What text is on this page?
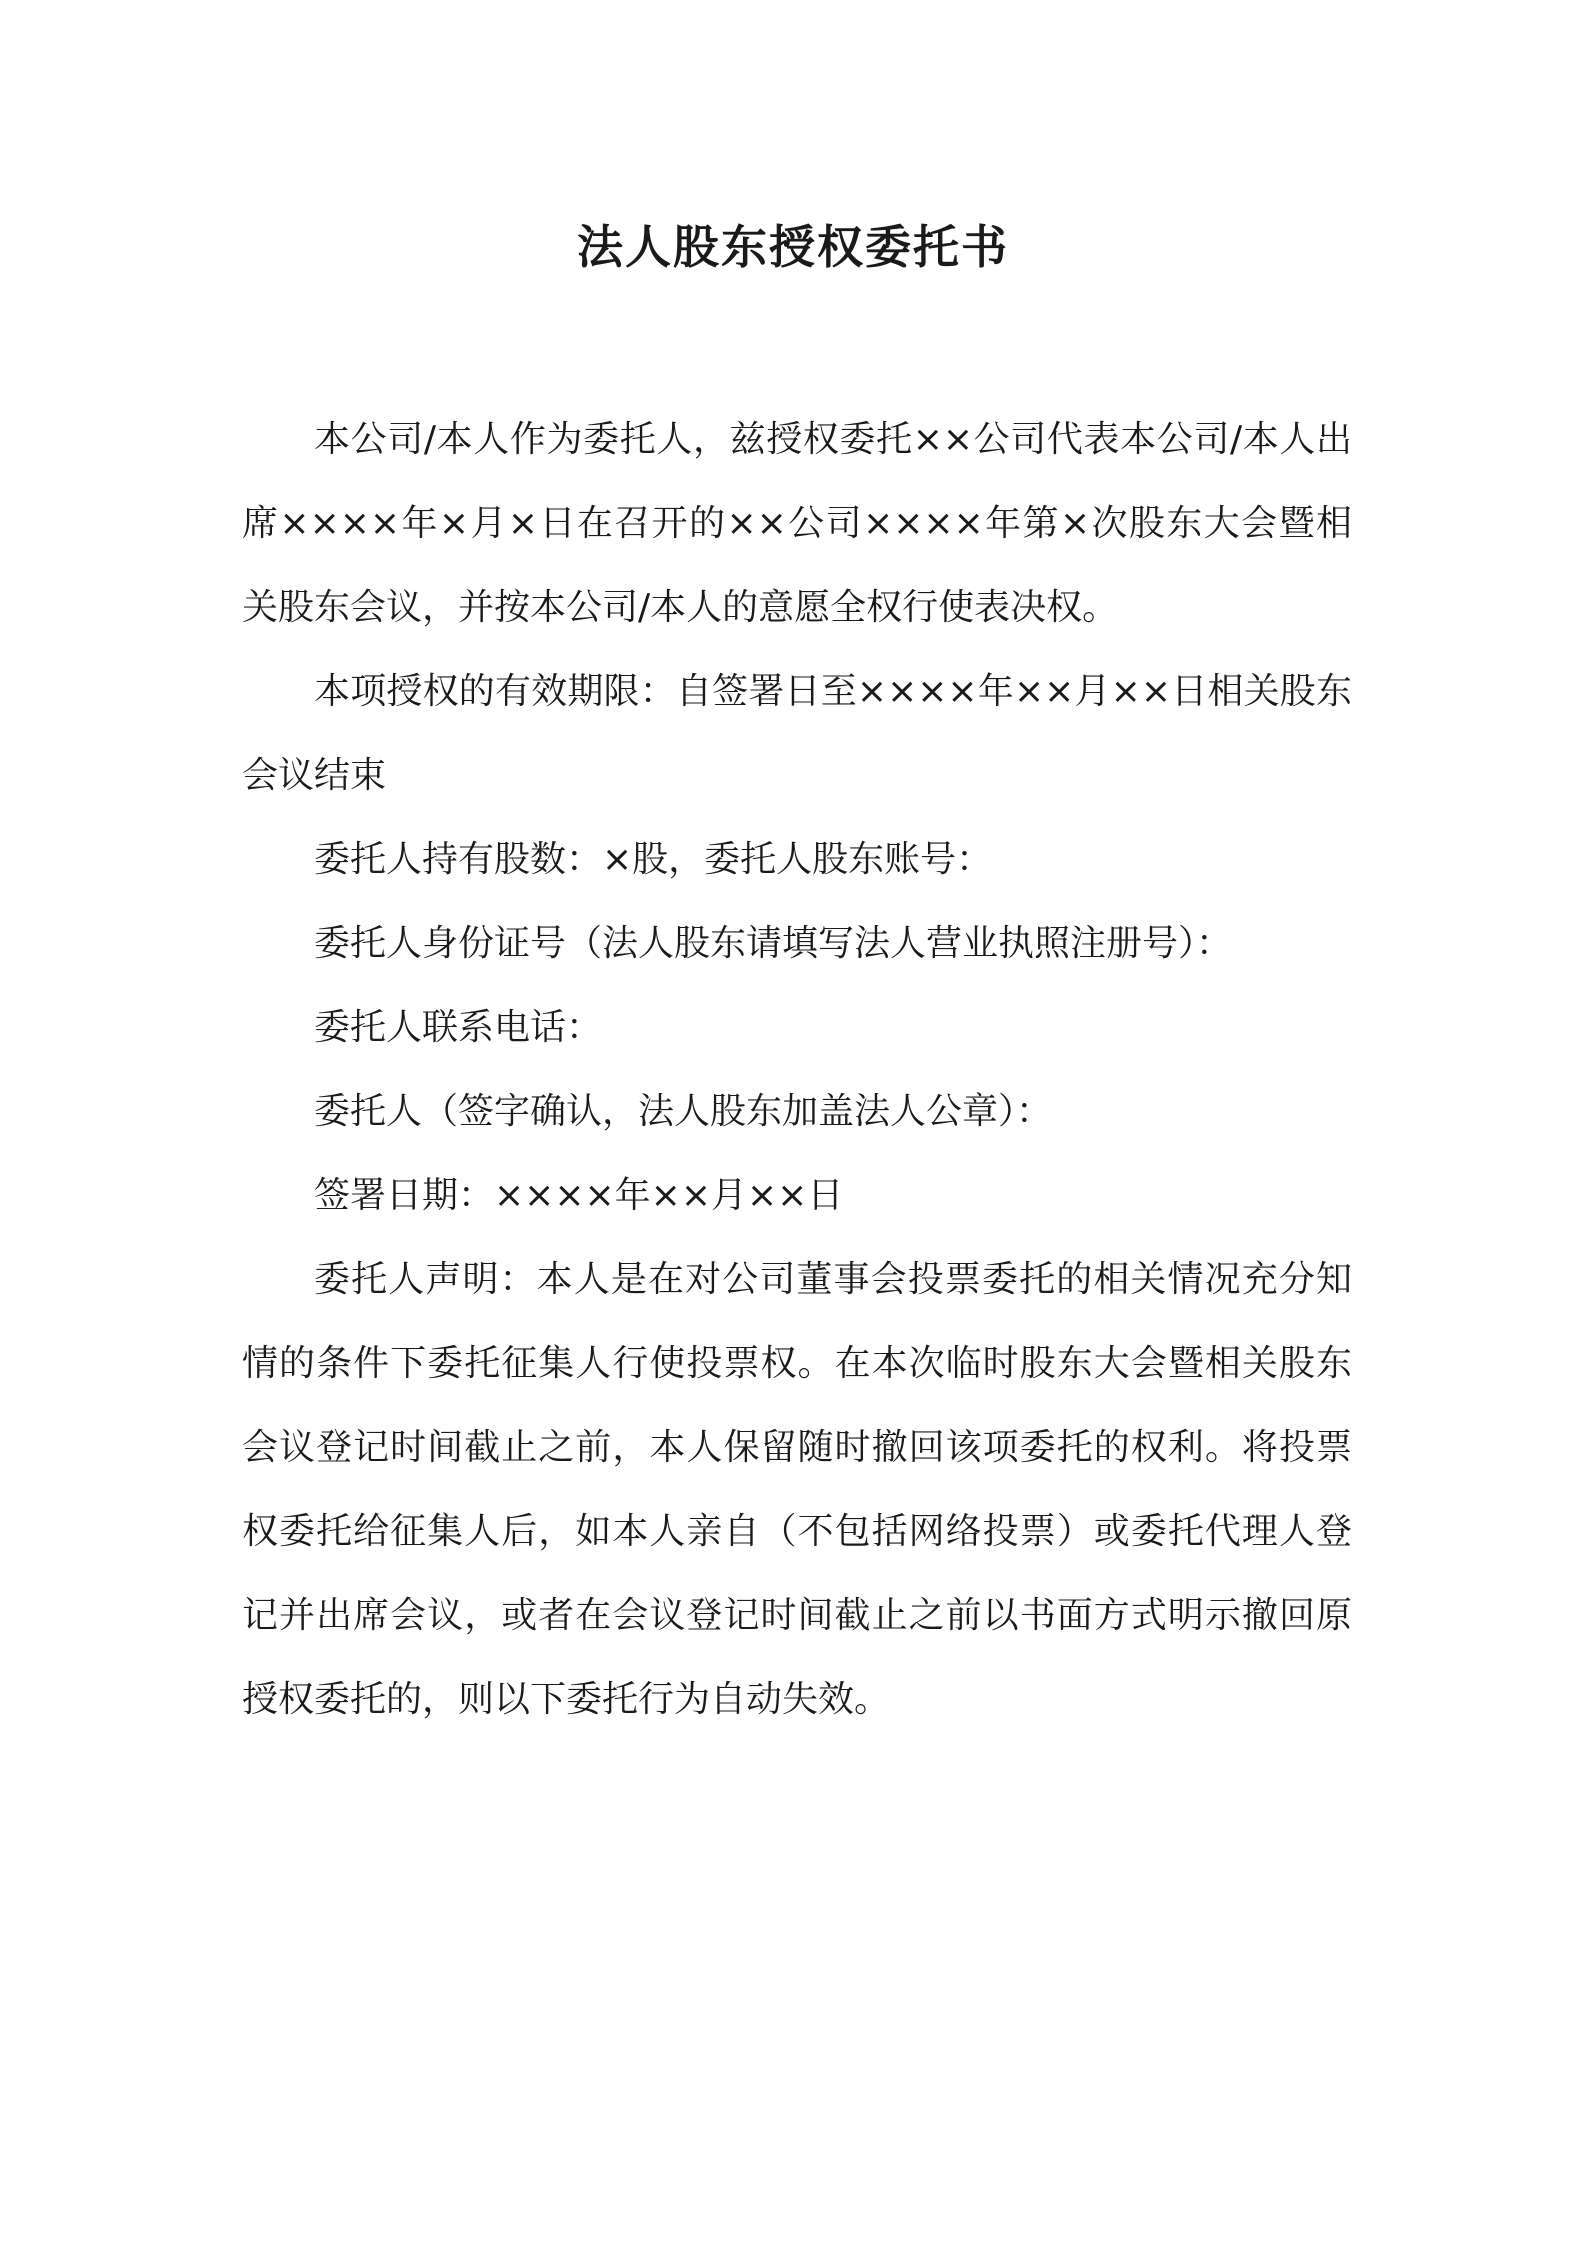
法人股东授权委托书

本公司/本人作为委托人，兹授权委托××公司代表本公司/本人出席××××年×月×日在召开的××公司××××年第×次股东大会暨相关股东会议，并按本公司/本人的意愿全权行使表决权。

本项授权的有效期限：自签署日至××××年××月××日相关股东会议结束

委托人持有股数：×股，委托人股东账号：

委托人身份证号（法人股东请填写法人营业执照注册号）：

委托人联系电话：

委托人（签字确认，法人股东加盖法人公章）：

签署日期：××××年××月××日

委托人声明：本人是在对公司董事会投票委托的相关情况充分知情的条件下委托征集人行使投票权。在本次临时股东大会暨相关股东会议登记时间截止之前，本人保留随时撤回该项委托的权利。将投票权委托给征集人后，如本人亲自（不包括网络投票）或委托代理人登记并出席会议，或者在会议登记时间截止之前以书面方式明示撤回原授权委托的，则以下委托行为自动失效。
